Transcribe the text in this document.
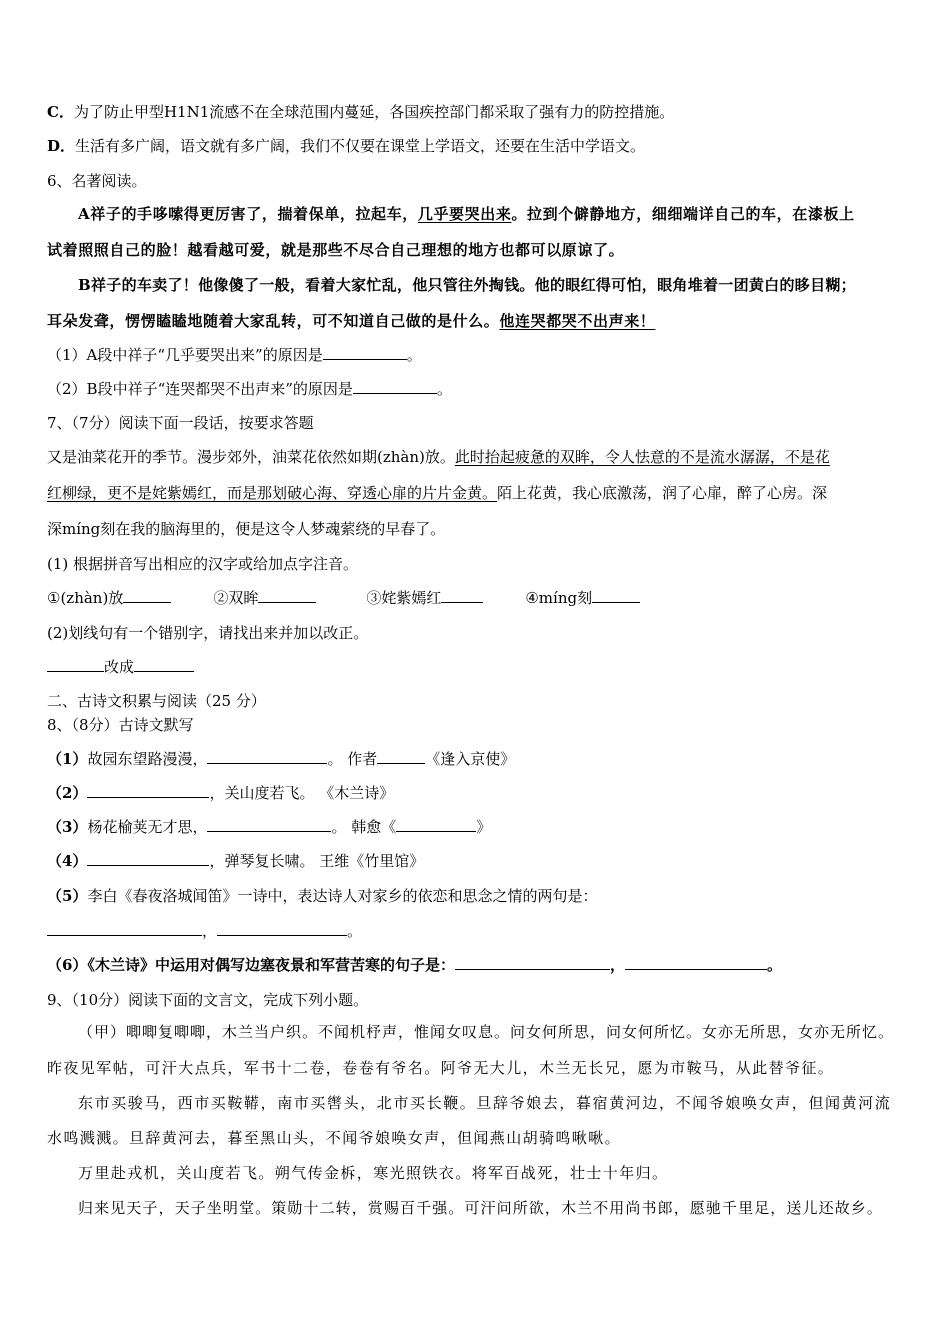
C．为了防止甲型H1N1流感不在全球范围内蔓延，各国疾控部门都采取了强有力的防控措施。
D．生活有多广阔，语文就有多广阔，我们不仅要在课堂上学语文，还要在生活中学语文。
6、名著阅读。
A祥子的手哆嗦得更厉害了，揣着保单，拉起车，几乎要哭出来。拉到个僻静地方，细细端详自己的车，在漆板上
试着照照自己的脸！越看越可爱，就是那些不尽合自己理想的地方也都可以原谅了。
B祥子的车卖了！他像傻了一般，看着大家忙乱，他只管往外掏钱。他的眼红得可怕，眼角堆着一团黄白的眵目糊；
耳朵发聋，愣愣瞌瞌地随着大家乱转，可不知道自己做的是什么。他连哭都哭不出声来！
（1）A段中祥子“几乎要哭出来”的原因是	。
（2）B段中祥子“连哭都哭不出声来”的原因是	。
7、（7分）阅读下面一段话，按要求答题
又是油菜花开的季节。漫步郊外，油菜花依然如期(zhàn)放。此时抬起疲惫的双眸，令人怯意的不是流水潺潺，不是花
红柳绿，更不是姹紫嫣红，而是那划破心海、穿透心扉的片片金黄。陌上花黄，我心底激荡，润了心扉，醉了心房。深
深míng刻在我的脑海里的，便是这令人梦魂萦绕的早春了。
(1) 根据拼音写出相应的汉字或给加点字注音。
①(zhàn)放	②双眸	③姹紫嫣红	④míng刻
(2)划线句有一个错别字，请找出来并加以改正。
改成
二、古诗文积累与阅读（25 分）
8、（8分）古诗文默写
（1）故园东望路漫漫，	。 作者	《逢入京使》
（2）	，关山度若飞。 《木兰诗》
（3）杨花榆荚无才思，	。 韩愈《	》
（4）	，弹琴复长啸。 王维《竹里馆》
（5）李白《春夜洛城闻笛》一诗中，表达诗人对家乡的依恋和思念之情的两句是：
，	。
（6）《木兰诗》中运用对偶写边塞夜景和军营苦寒的句子是：	，	。
9、（10分）阅读下面的文言文，完成下列小题。
（甲）唧唧复唧唧，木兰当户织。不闻机杼声，惟闻女叹息。问女何所思，问女何所忆。女亦无所思，女亦无所忆。
昨夜见军帖，可汗大点兵，军书十二卷，卷卷有爷名。阿爷无大儿，木兰无长兄，愿为市鞍马，从此替爷征。
东市买骏马，西市买鞍鞯，南市买辔头，北市买长鞭。旦辞爷娘去，暮宿黄河边，不闻爷娘唤女声，但闻黄河流
水鸣溅溅。旦辞黄河去，暮至黑山头，不闻爷娘唤女声，但闻燕山胡骑鸣啾啾。
万里赴戎机，关山度若飞。朔气传金柝，寒光照铁衣。将军百战死，壮士十年归。
归来见天子，天子坐明堂。策勋十二转，赏赐百千强。可汗问所欲，木兰不用尚书郎，愿驰千里足，送儿还故乡。
